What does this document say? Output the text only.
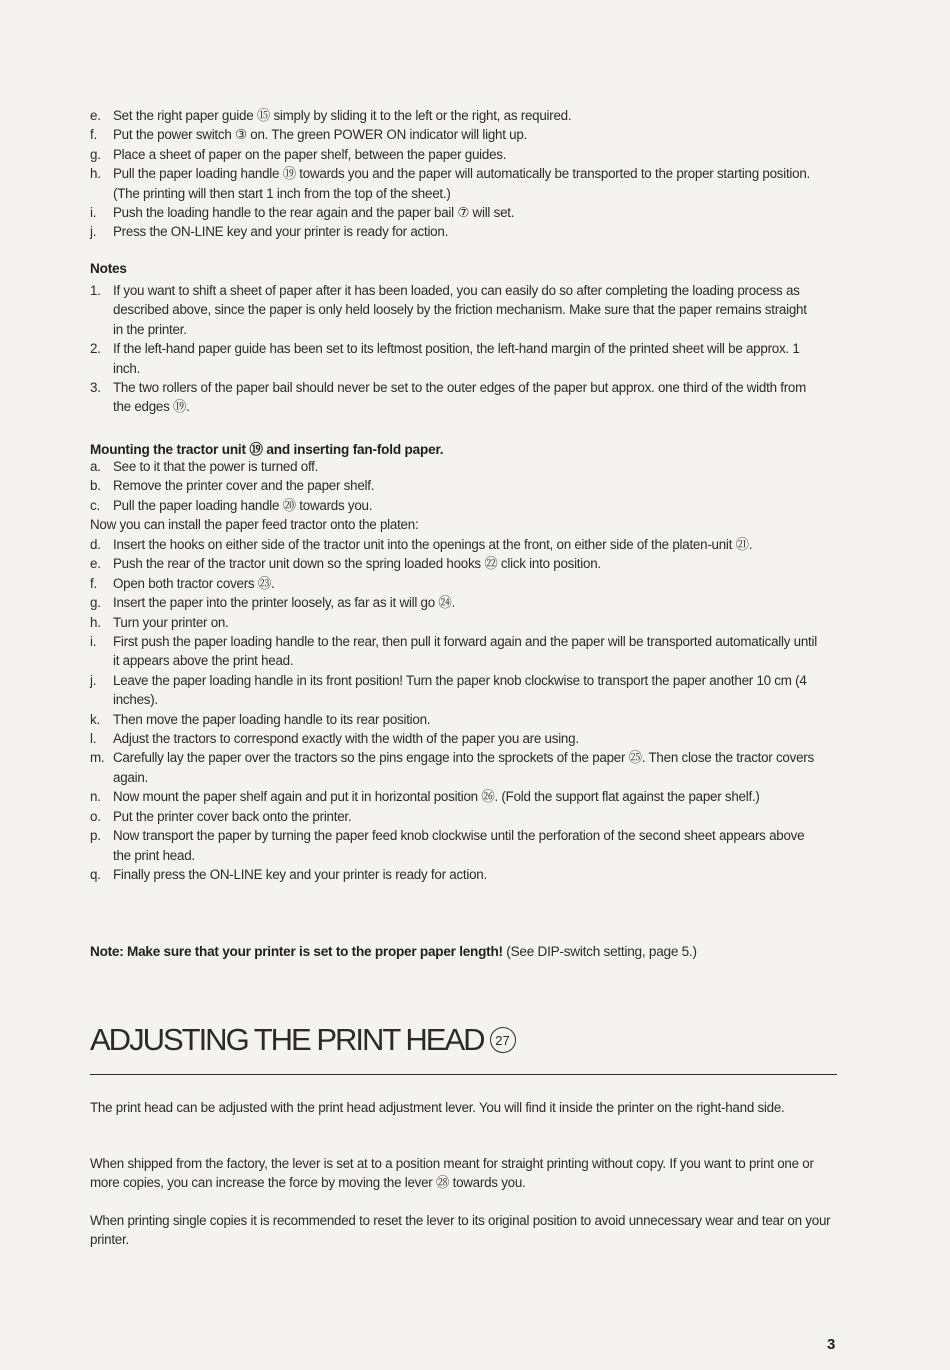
e. Set the right paper guide ⑮ simply by sliding it to the left or the right, as required.
f.	Put the power switch ③ on. The green POWER ON indicator will light up.
g. Place a sheet of paper on the paper shelf, between the paper guides.
h. Pull the paper loading handle ⑲ towards you and the paper will automatically be transported to the proper starting position. (The printing will then start 1 inch from the top of the sheet.)
i.	Push the loading handle to the rear again and the paper bail ⑦ will set.
j.	Press the ON-LINE key and your printer is ready for action.
Notes
1. If you want to shift a sheet of paper after it has been loaded, you can easily do so after completing the loading process as described above, since the paper is only held loosely by the friction mechanism. Make sure that the paper remains straight in the printer.
2. If the left-hand paper guide has been set to its leftmost position, the left-hand margin of the printed sheet will be approx. 1 inch.
3. The two rollers of the paper bail should never be set to the outer edges of the paper but approx. one third of the width from the edges ⑲.
Mounting the tractor unit ⑲ and inserting fan-fold paper.
a. See to it that the power is turned off.
b. Remove the printer cover and the paper shelf.
c. Pull the paper loading handle ⑳ towards you.
Now you can install the paper feed tractor onto the platen:
d. Insert the hooks on either side of the tractor unit into the openings at the front, on either side of the platen-unit ㉑.
e. Push the rear of the tractor unit down so the spring loaded hooks ㉒ click into position.
f.	Open both tractor covers ㉓.
g. Insert the paper into the printer loosely, as far as it will go ㉔.
h. Turn your printer on.
i.	First push the paper loading handle to the rear, then pull it forward again and the paper will be transported automatically until it appears above the print head.
j.	Leave the paper loading handle in its front position! Turn the paper knob clockwise to transport the paper another 10 cm (4 inches).
k. Then move the paper loading handle to its rear position.
l.	Adjust the tractors to correspond exactly with the width of the paper you are using.
m. Carefully lay the paper over the tractors so the pins engage into the sprockets of the paper ㉕. Then close the tractor covers again.
n. Now mount the paper shelf again and put it in horizontal position ㉖. (Fold the support flat against the paper shelf.)
o. Put the printer cover back onto the printer.
p. Now transport the paper by turning the paper feed knob clockwise until the perforation of the second sheet appears above the print head.
q. Finally press the ON-LINE key and your printer is ready for action.
Note: Make sure that your printer is set to the proper paper length! (See DIP-switch setting, page 5.)
ADJUSTING THE PRINT HEAD 27

The print head can be adjusted with the print head adjustment lever. You will find it inside the printer on the right-hand side.

When shipped from the factory, the lever is set at to a position meant for straight printing without copy. If you want to print one or more copies, you can increase the force by moving the lever ㉘ towards you.

When printing single copies it is recommended to reset the lever to its original position to avoid unnecessary wear and tear on your printer.

3
